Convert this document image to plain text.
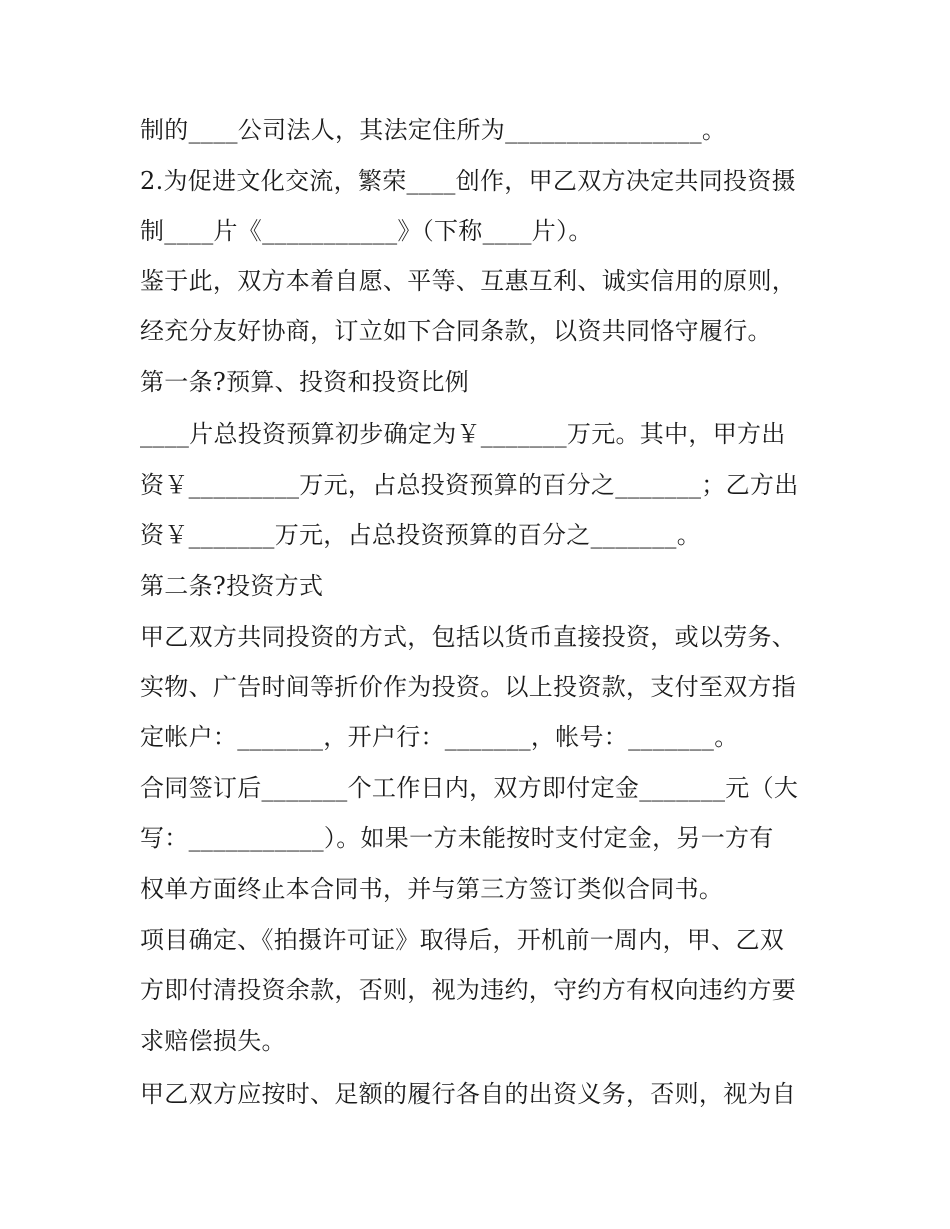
制的____公司法人，其法定住所为________________。
2.为促进文化交流，繁荣____创作，甲乙双方决定共同投资摄
制____片《___________》（下称____片）。
鉴于此，双方本着自愿、平等、互惠互利、诚实信用的原则，
经充分友好协商，订立如下合同条款，以资共同恪守履行。
第一条?预算、投资和投资比例
____片总投资预算初步确定为￥_______万元。其中，甲方出
资￥_________万元，占总投资预算的百分之_______；乙方出
资￥_______万元，占总投资预算的百分之_______。
第二条?投资方式
甲乙双方共同投资的方式，包括以货币直接投资，或以劳务、
实物、广告时间等折价作为投资。以上投资款，支付至双方指
定帐户：_______，开户行：_______，帐号：_______。
合同签订后_______个工作日内，双方即付定金_______元（大
写：___________）。如果一方未能按时支付定金，另一方有
权单方面终止本合同书，并与第三方签订类似合同书。
项目确定、《拍摄许可证》取得后，开机前一周内，甲、乙双
方即付清投资余款，否则，视为违约，守约方有权向违约方要
求赔偿损失。
甲乙双方应按时、足额的履行各自的出资义务，否则，视为自
